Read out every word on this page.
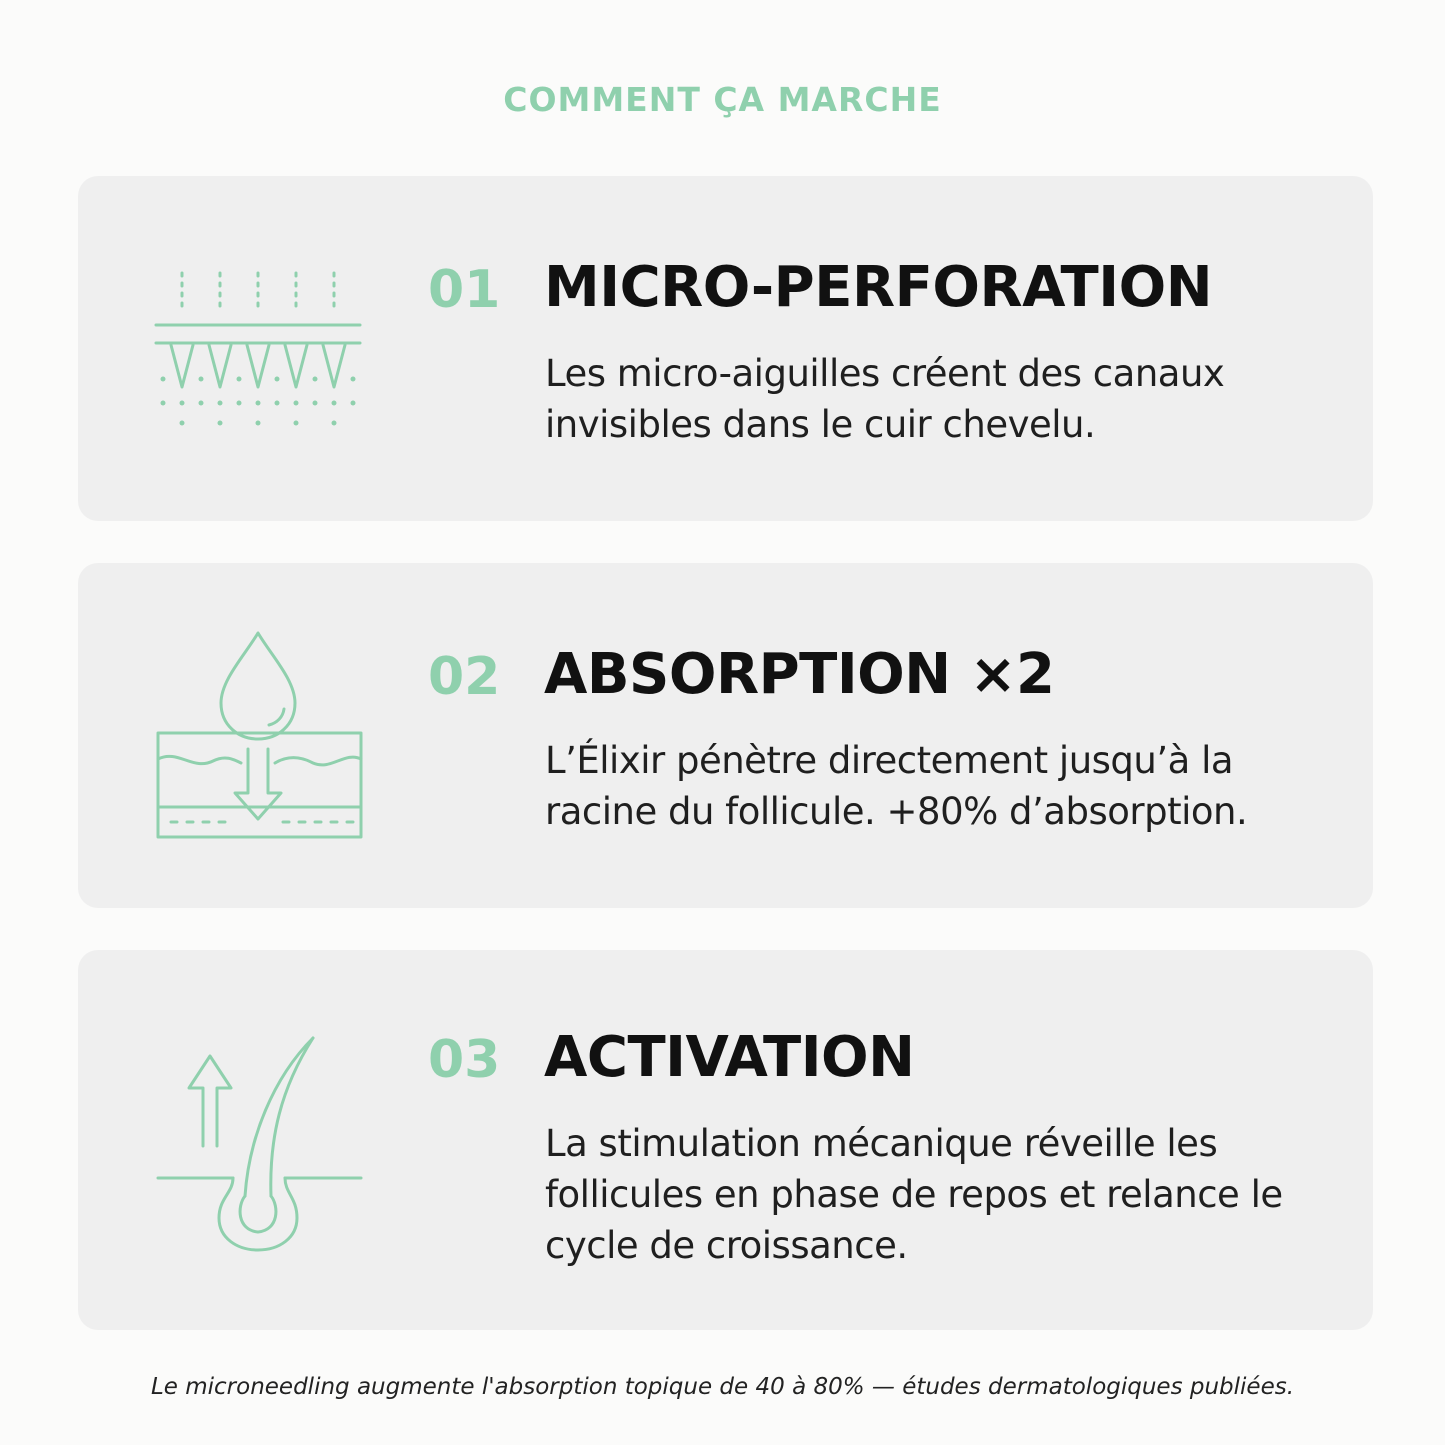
COMMENT ÇA MARCHE
01 MICRO-PERFORATION
Les micro-aiguilles créent des canaux invisibles dans le cuir chevelu.
02 ABSORPTION ×2
L’Élixir pénètre directement jusqu’à la racine du follicule. +80% d’absorption.
03 ACTIVATION
La stimulation mécanique réveille les follicules en phase de repos et relance le cycle de croissance.
Le microneedling augmente l'absorption topique de 40 à 80% — études dermatologiques publiées.
